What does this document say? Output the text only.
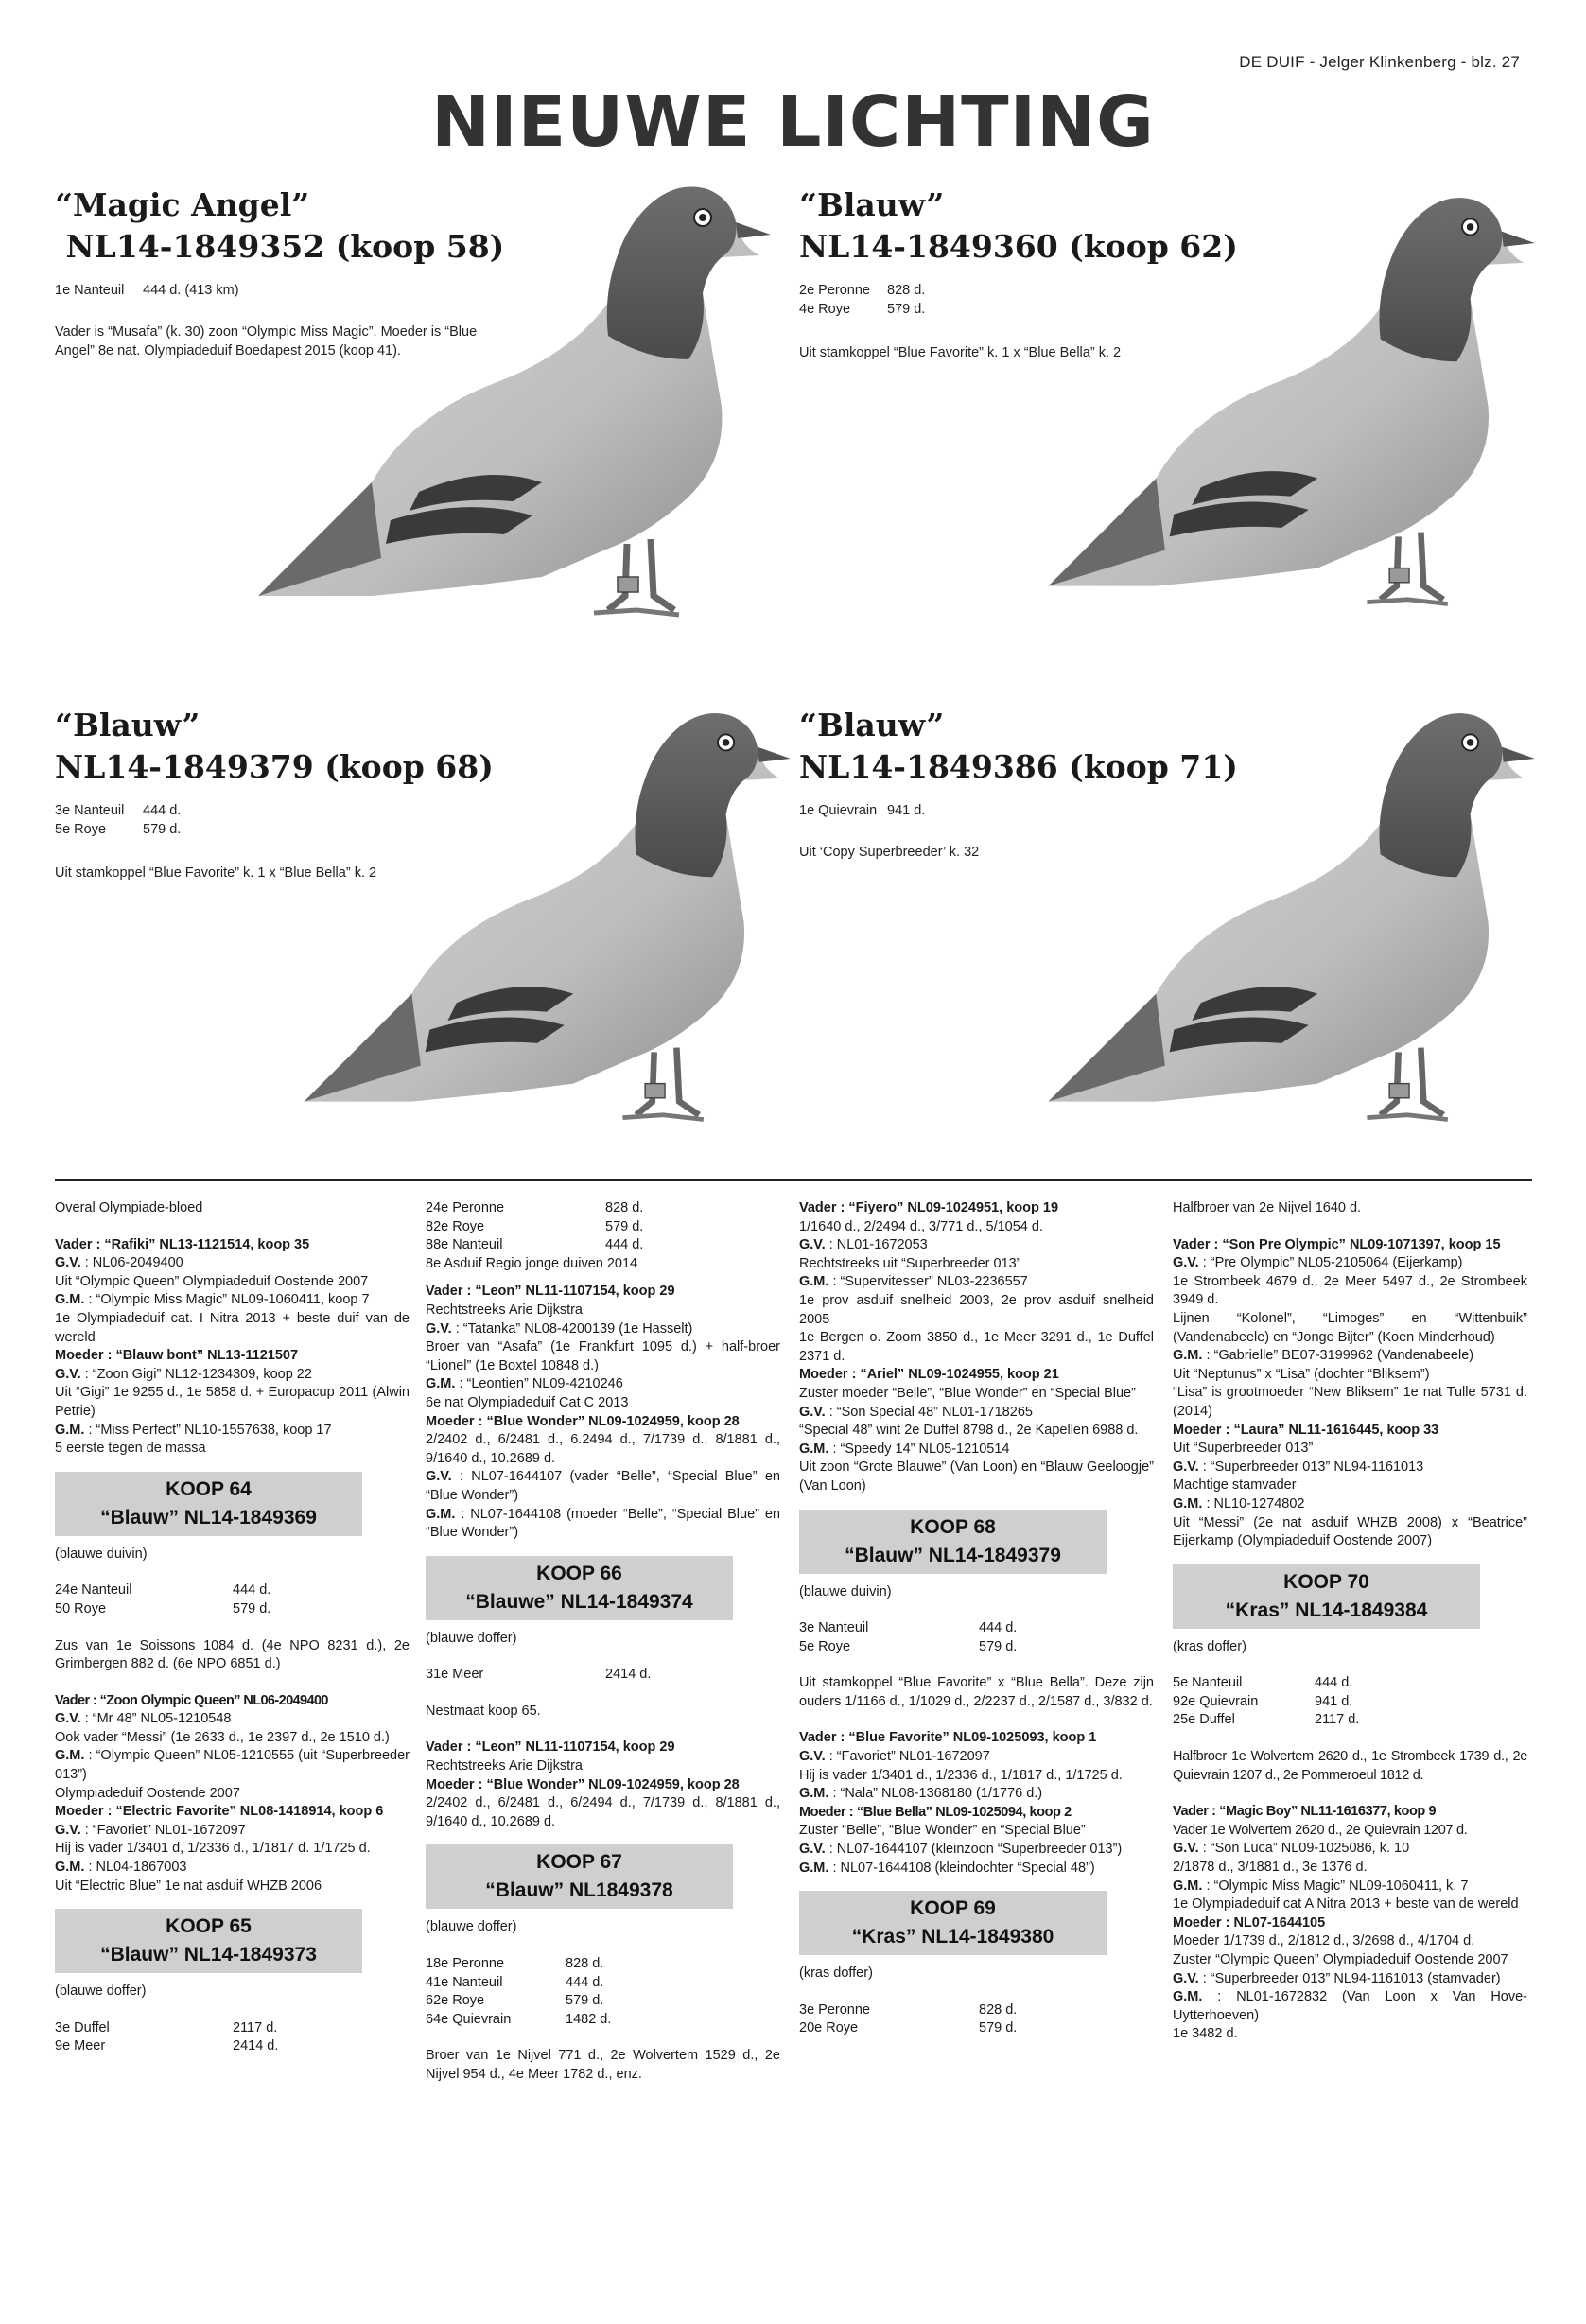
DE DUIF - Jelger Klinkenberg - blz. 27
NIEUWE LICHTING
“Magic Angel”
NL14-1849352 (koop 58)
1e Nanteuil	444 d. (413 km)
Vader is “Musafa” (k. 30) zoon “Olympic Miss Magic”. Moeder is “Blue Angel” 8e nat. Olympiadeduif Boedapest 2015 (koop 41).
“Blauw”
NL14-1849360 (koop 62)
2e Peronne	828 d.
4e Roye	579 d.
Uit stamkoppel “Blue Favorite” k. 1 x “Blue Bella” k. 2
“Blauw”
NL14-1849379 (koop 68)
3e Nanteuil	444 d.
5e Roye	579 d.
Uit stamkoppel “Blue Favorite” k. 1 x “Blue Bella” k. 2
“Blauw”
NL14-1849386 (koop 71)
1e Quievrain 941 d.
Uit ‘Copy Superbreeder’ k. 32

Overal Olympiade-bloed

Vader : “Rafiki” NL13-1121514, koop 35

G.V. : NL06-2049400

Uit “Olympic Queen” Olympiadeduif Oostende 2007

G.M. : “Olympic Miss Magic” NL09-1060411, koop 7

1e Olympiadeduif cat. I Nitra 2013 + beste duif van de wereld

Moeder : “Blauw bont” NL13-1121507

G.V. : “Zoon Gigi” NL12-1234309, koop 22

Uit “Gigi” 1e 9255 d., 1e 5858 d. + Europacup 2011 (Alwin Petrie)

G.M. : “Miss Perfect” NL10-1557638, koop 17

5 eerste tegen de massa

KOOP 64
“Blauw” NL14-1849369

(blauwe duivin)

24e Nanteuil	444 d.
50 Roye	579 d.

Zus van 1e Soissons 1084 d. (4e NPO 8231 d.), 2e Grimbergen 882 d. (6e NPO 6851 d.)

Vader : “Zoon Olympic Queen” NL06-2049400

G.V. : “Mr 48” NL05-1210548

Ook vader “Messi” (1e 2633 d., 1e 2397 d., 2e 1510 d.)

G.M. : “Olympic Queen” NL05-1210555 (uit “Superbreeder 013”)

Olympiadeduif Oostende 2007

Moeder : “Electric Favorite” NL08-1418914, koop 6

G.V. : “Favoriet” NL01-1672097

Hij is vader 1/3401 d, 1/2336 d., 1/1817 d. 1/1725 d.

G.M. : NL04-1867003

Uit “Electric Blue” 1e nat asduif WHZB 2006

KOOP 65
“Blauw” NL14-1849373

(blauwe doffer)

3e Duffel	2117 d.
9e Meer	2414 d.
24e Peronne	828 d.
82e Roye	579 d.
88e Nanteuil	444 d.

8e Asduif Regio jonge duiven 2014

Vader : “Leon” NL11-1107154, koop 29

Rechtstreeks Arie Dijkstra

G.V. : “Tatanka” NL08-4200139 (1e Hasselt)

Broer van “Asafa” (1e Frankfurt 1095 d.) + half-broer “Lionel” (1e Boxtel 10848 d.)

G.M. : “Leontien” NL09-4210246

6e nat Olympiadeduif Cat C 2013

Moeder : “Blue Wonder” NL09-1024959, koop 28

2/2402 d., 6/2481 d., 6.2494 d., 7/1739 d., 8/1881 d., 9/1640 d., 10.2689 d.

G.V. : NL07-1644107 (vader “Belle”, “Special Blue” en “Blue Wonder”)

G.M. : NL07-1644108 (moeder “Belle”, “Special Blue” en “Blue Wonder”)

KOOP 66
“Blauwe” NL14-1849374

(blauwe doffer)

31e Meer	2414 d.

Nestmaat koop 65.

Vader : “Leon” NL11-1107154, koop 29

Rechtstreeks Arie Dijkstra

Moeder : “Blue Wonder” NL09-1024959, koop 28

2/2402 d., 6/2481 d., 6/2494 d., 7/1739 d., 8/1881 d., 9/1640 d., 10.2689 d.

KOOP 67
“Blauw” NL1849378

(blauwe doffer)

18e Peronne	828 d.
41e Nanteuil	444 d.
62e Roye	579 d.
64e Quievrain	1482 d.

Broer van 1e Nijvel 771 d., 2e Wolvertem 1529 d., 2e Nijvel 954 d., 4e Meer 1782 d., enz.

Vader : “Fiyero” NL09-1024951, koop 19

1/1640 d., 2/2494 d., 3/771 d., 5/1054 d.

G.V. : NL01-1672053

Rechtstreeks uit “Superbreeder 013”

G.M. : “Supervitesser” NL03-2236557

1e prov asduif snelheid 2003, 2e prov asduif snelheid 2005

1e Bergen o. Zoom 3850 d., 1e Meer 3291 d., 1e Duffel 2371 d.

Moeder : “Ariel” NL09-1024955, koop 21

Zuster moeder “Belle”, “Blue Wonder” en “Special Blue”

G.V. : “Son Special 48” NL01-1718265

“Special 48” wint 2e Duffel 8798 d., 2e Kapellen 6988 d.

G.M. : “Speedy 14” NL05-1210514

Uit zoon “Grote Blauwe” (Van Loon) en “Blauw Geeloogje” (Van Loon)

KOOP 68
“Blauw” NL14-1849379

(blauwe duivin)

3e Nanteuil	444 d.
5e Roye	579 d.

Uit stamkoppel “Blue Favorite” x “Blue Bella”. Deze zijn ouders 1/1166 d., 1/1029 d., 2/2237 d., 2/1587 d., 3/832 d.

Vader : “Blue Favorite” NL09-1025093, koop 1

G.V. : “Favoriet” NL01-1672097

Hij is vader 1/3401 d., 1/2336 d., 1/1817 d., 1/1725 d.

G.M. : “Nala” NL08-1368180 (1/1776 d.)

Moeder : “Blue Bella” NL09-1025094, koop 2

Zuster “Belle”, “Blue Wonder” en “Special Blue”

G.V. : NL07-1644107 (kleinzoon “Superbreeder 013”)

G.M. : NL07-1644108 (kleindochter “Special 48”)

KOOP 69
“Kras” NL14-1849380

(kras doffer)

3e Peronne	828 d.
20e Roye	579 d.

Halfbroer van 2e Nijvel 1640 d.

Vader : “Son Pre Olympic” NL09-1071397, koop 15

G.V. : “Pre Olympic” NL05-2105064 (Eijerkamp)

1e Strombeek 4679 d., 2e Meer 5497 d., 2e Strombeek 3949 d.

Lijnen “Kolonel”, “Limoges” en “Wittenbuik” (Vandenabeele) en “Jonge Bijter” (Koen Minderhoud)

G.M. : “Gabrielle” BE07-3199962 (Vandenabeele)

Uit “Neptunus” x “Lisa” (dochter “Bliksem”)

“Lisa” is grootmoeder “New Bliksem” 1e nat Tulle 5731 d. (2014)

Moeder : “Laura” NL11-1616445, koop 33

Uit “Superbreeder 013”

G.V. : “Superbreeder 013” NL94-1161013

Machtige stamvader

G.M. : NL10-1274802

Uit “Messi” (2e nat asduif WHZB 2008) x “Beatrice” Eijerkamp (Olympiadeduif Oostende 2007)

KOOP 70
“Kras” NL14-1849384

(kras doffer)

5e Nanteuil	444 d.
92e Quievrain	941 d.
25e Duffel	2117 d.

Halfbroer 1e Wolvertem 2620 d., 1e Strombeek 1739 d., 2e Quievrain 1207 d., 2e Pommeroeul 1812 d.

Vader : “Magic Boy” NL11-1616377, koop 9

Vader 1e Wolvertem 2620 d., 2e Quievrain 1207 d.

G.V. : “Son Luca” NL09-1025086, k. 10

2/1878 d., 3/1881 d., 3e 1376 d.

G.M. : “Olympic Miss Magic” NL09-1060411, k. 7

1e Olympiadeduif cat A Nitra 2013 + beste van de wereld

Moeder : NL07-1644105

Moeder 1/1739 d., 2/1812 d., 3/2698 d., 4/1704 d.

Zuster “Olympic Queen” Olympiadeduif Oostende 2007

G.V. : “Superbreeder 013” NL94-1161013 (stamvader)

G.M. : NL01-1672832 (Van Loon x Van Hove-Uytterhoeven)

1e 3482 d.
